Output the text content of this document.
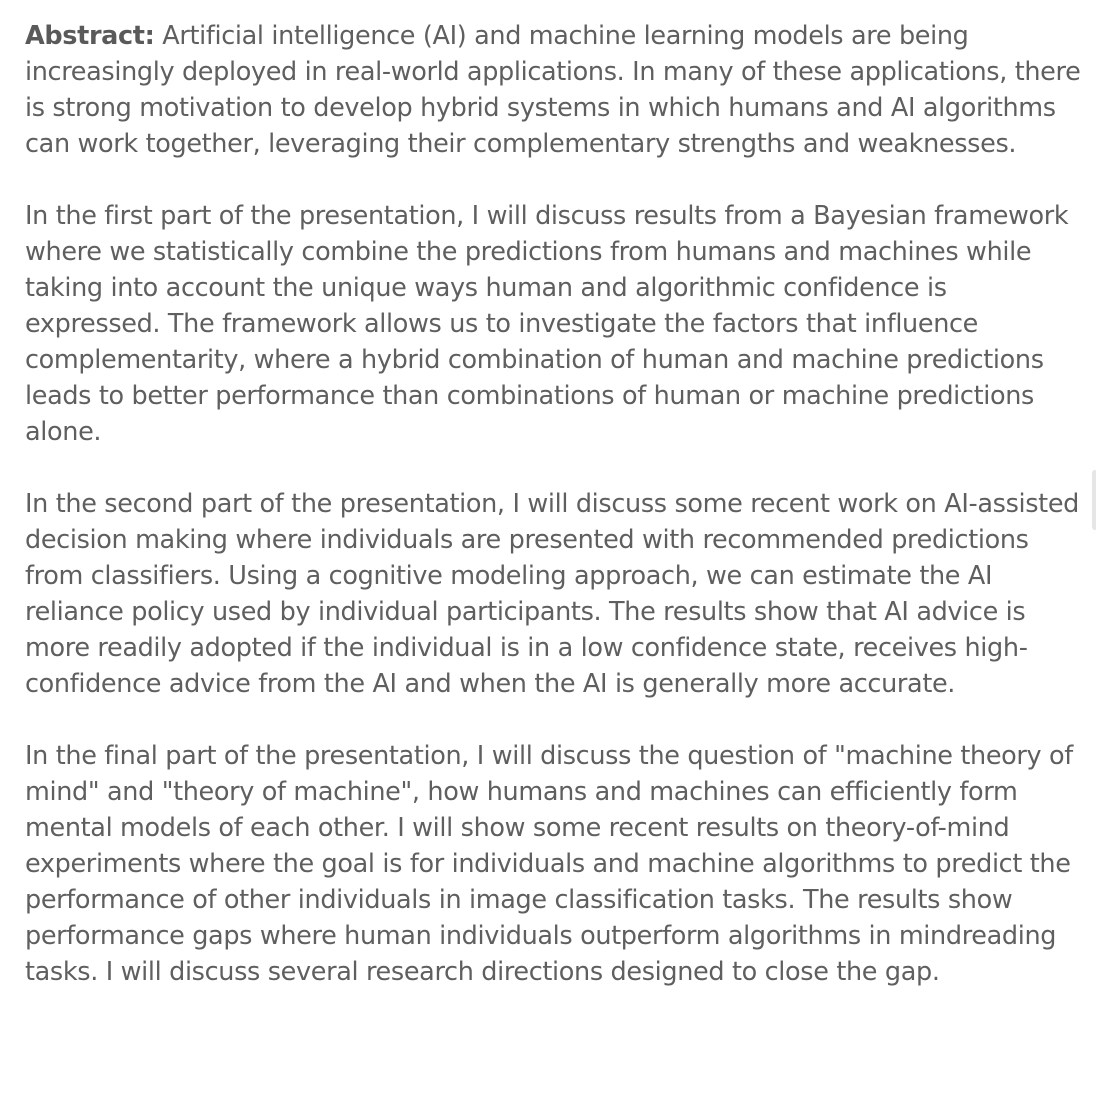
Abstract: Artificial intelligence (AI) and machine learning models are being increasingly deployed in real-world applications. In many of these applications, there is strong motivation to develop hybrid systems in which humans and AI algorithms can work together, leveraging their complementary strengths and weaknesses.

In the first part of the presentation, I will discuss results from a Bayesian framework where we statistically combine the predictions from humans and machines while taking into account the unique ways human and algorithmic confidence is expressed. The framework allows us to investigate the factors that influence complementarity, where a hybrid combination of human and machine predictions leads to better performance than combinations of human or machine predictions alone.

In the second part of the presentation, I will discuss some recent work on AI-assisted decision making where individuals are presented with recommended predictions from classifiers. Using a cognitive modeling approach, we can estimate the AI reliance policy used by individual participants. The results show that AI advice is more readily adopted if the individual is in a low confidence state, receives high-confidence advice from the AI and when the AI is generally more accurate.

In the final part of the presentation, I will discuss the question of "machine theory of mind" and "theory of machine", how humans and machines can efficiently form mental models of each other. I will show some recent results on theory-of-mind experiments where the goal is for individuals and machine algorithms to predict the performance of other individuals in image classification tasks. The results show performance gaps where human individuals outperform algorithms in mindreading tasks. I will discuss several research directions designed to close the gap.
